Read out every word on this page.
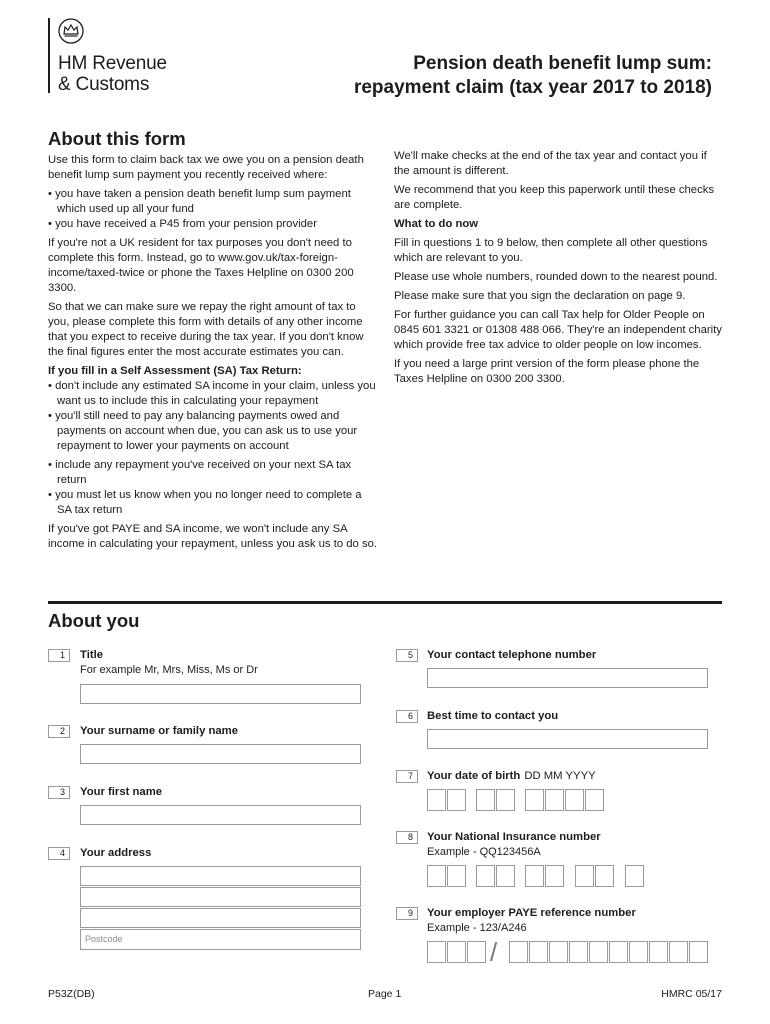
HM Revenue
& Customs
Pension death benefit lump sum:
repayment claim (tax year 2017 to 2018)
About this form

Use this form to claim back tax we owe you on a pension death benefit lump sum payment you recently received where:

• you have taken a pension death benefit lump sum payment which used up all your fund
• you have received a P45 from your pension provider

If you're not a UK resident for tax purposes you don't need to complete this form. Instead, go to www.gov.uk/tax-foreign-income/taxed-twice or phone the Taxes Helpline on 0300 200 3300.

So that we can make sure we repay the right amount of tax to you, please complete this form with details of any other income that you expect to receive during the tax year. If you don't know the final figures enter the most accurate estimates you can.

If you fill in a Self Assessment (SA) Tax Return:

• don't include any estimated SA income in your claim, unless you want us to include this in calculating your repayment
• you'll still need to pay any balancing payments owed and payments on account when due, you can ask us to use your repayment to lower your payments on account
• include any repayment you've received on your next SA tax return
• you must let us know when you no longer need to complete a SA tax return

If you've got PAYE and SA income, we won't include any SA income in calculating your repayment, unless you ask us to do so.

We'll make checks at the end of the tax year and contact you if the amount is different.

We recommend that you keep this paperwork until these checks are complete.

What to do now

Fill in questions 1 to 9 below, then complete all other questions which are relevant to you.

Please use whole numbers, rounded down to the nearest pound.

Please make sure that you sign the declaration on page 9.

For further guidance you can call Tax help for Older People on 0845 601 3321 or 01308 488 066. They're an independent charity which provide free tax advice to older people on low incomes.

If you need a large print version of the form please phone the Taxes Helpline on 0300 200 3300.

About you
1	Title
For example Mr, Mrs, Miss, Ms or Dr
2	Your surname or family name
3	Your first name
4	Your address
Postcode
5	Your contact telephone number
6	Best time to contact you
7	Your date of birth DD MM YYYY
8	Your National Insurance number
Example - QQ123456A
9	Your employer PAYE reference number
Example - 123/A246
/
P53Z(DB)	Page 1	HMRC 05/17
